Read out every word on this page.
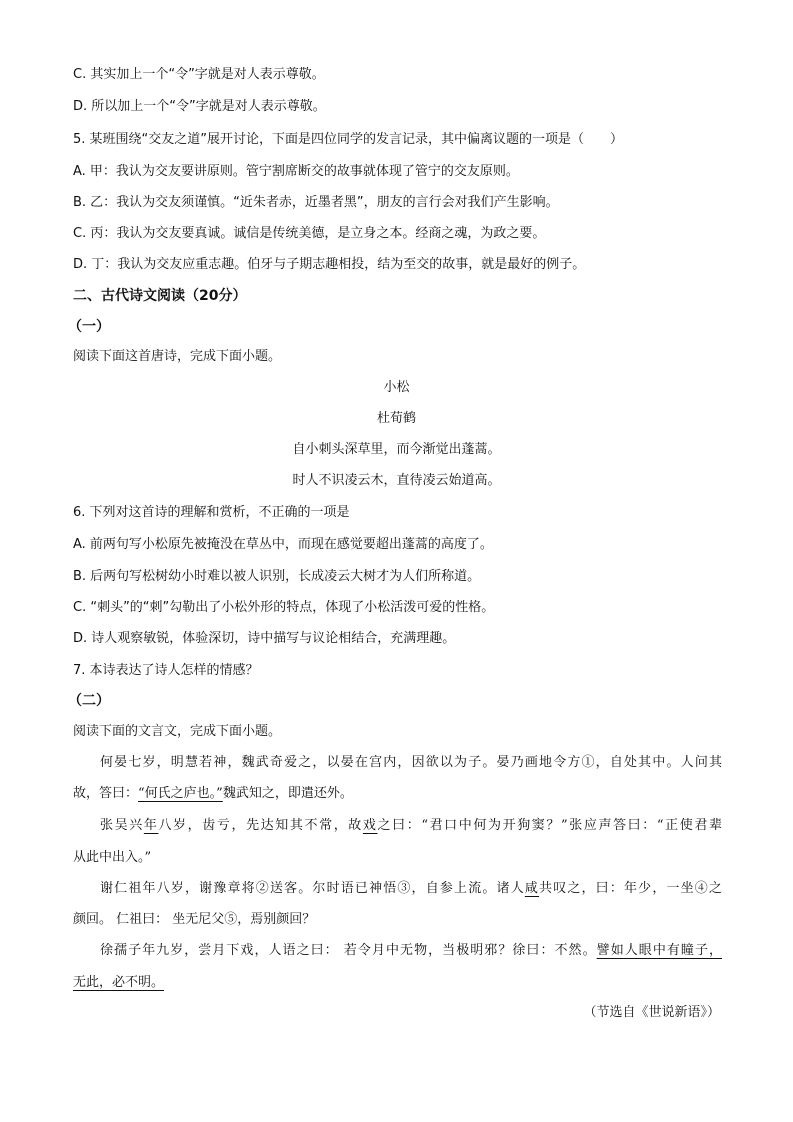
C. 其实加上一个“令”字就是对人表示尊敬。
D. 所以加上一个“令”字就是对人表示尊敬。
5. 某班围绕“交友之道”展开讨论，下面是四位同学的发言记录，其中偏离议题的一项是（　　）
A. 甲：我认为交友要讲原则。管宁割席断交的故事就体现了管宁的交友原则。
B. 乙：我认为交友须谨慎。“近朱者赤，近墨者黑”，朋友的言行会对我们产生影响。
C. 丙：我认为交友要真诚。诚信是传统美德，是立身之本。经商之魂，为政之要。
D. 丁：我认为交友应重志趣。伯牙与子期志趣相投，结为至交的故事，就是最好的例子。
二、古代诗文阅读（20分）
（一）
阅读下面这首唐诗，完成下面小题。
小松
杜荀鹤
自小刺头深草里，而今渐觉出蓬蒿。
时人不识凌云木，直待凌云始道高。
6. 下列对这首诗的理解和赏析，不正确的一项是
A. 前两句写小松原先被掩没在草丛中，而现在感觉要超出蓬蒿的高度了。
B. 后两句写松树幼小时难以被人识别，长成凌云大树才为人们所称道。
C. “刺头”的“刺”勾勒出了小松外形的特点，体现了小松活泼可爱的性格。
D. 诗人观察敏锐，体验深切，诗中描写与议论相结合，充满理趣。
7. 本诗表达了诗人怎样的情感？
（二）
阅读下面的文言文，完成下面小题。
何晏七岁，明慧若神，魏武奇爱之，以晏在宫内，因欲以为子。晏乃画地令方①，自处其中。人问其
故，答曰：“何氏之庐也。”魏武知之，即遣还外。
张吴兴年八岁，齿亏，先达知其不常，故戏之曰：“君口中何为开狗窦？”张应声答曰：“正使君辈
从此中出入。”
谢仁祖年八岁，谢豫章将②送客。尔时语已神悟③，自参上流。诸人咸共叹之，曰：年少，一坐④之
颜回。 仁祖曰： 坐无尼父⑤，焉别颜回？
徐孺子年九岁，尝月下戏，人语之曰： 若令月中无物，当极明邪？徐曰：不然。譬如人眼中有瞳子，
无此，必不明。
（节选自《世说新语》）
